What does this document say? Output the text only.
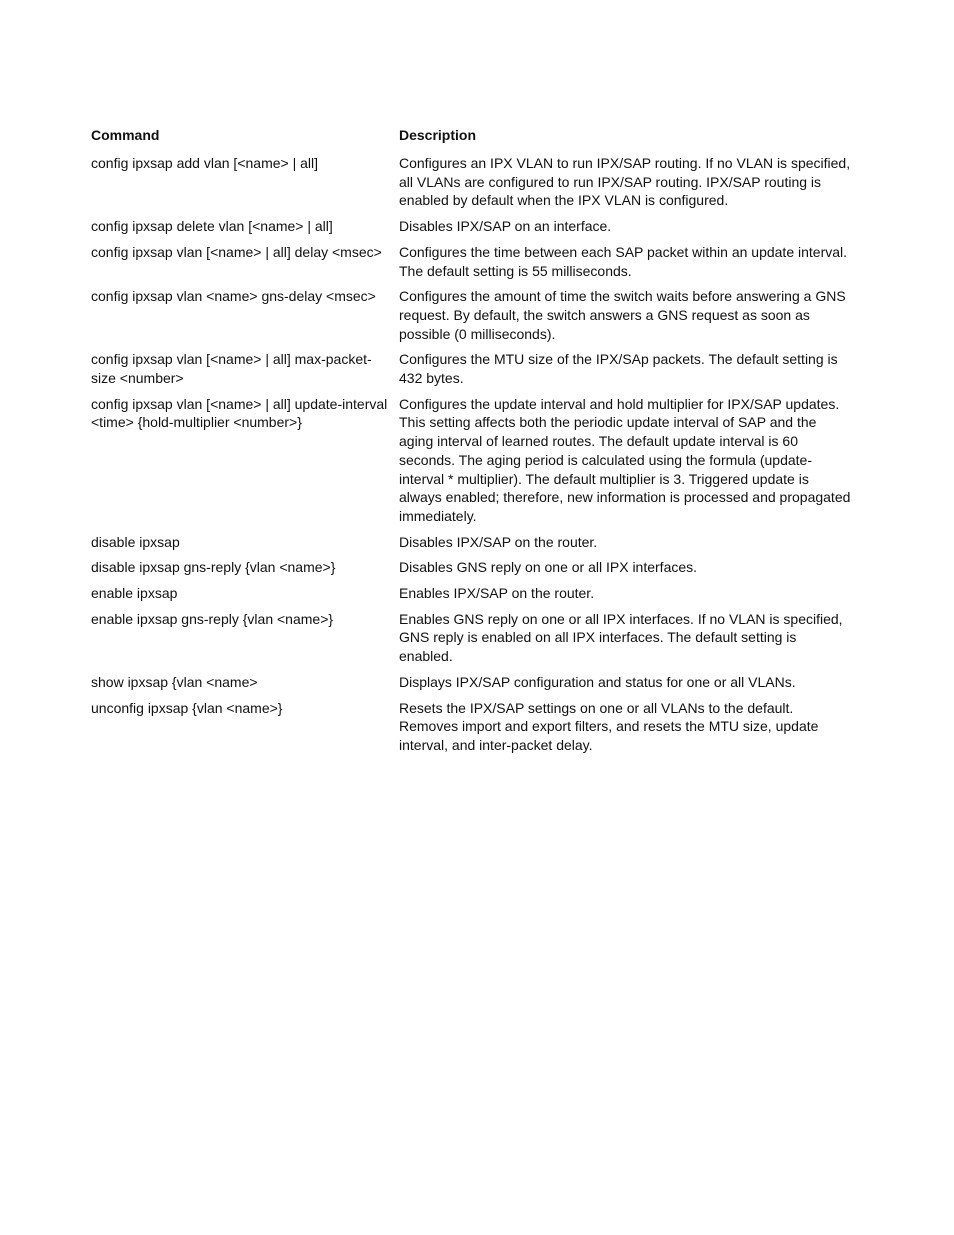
Command	Description
config ipxsap add vlan [<name> | all]	Configures an IPX VLAN to run IPX/SAP routing. If no VLAN is specified, all VLANs are configured to run IPX/SAP routing. IPX/SAP routing is enabled by default when the IPX VLAN is configured.
config ipxsap delete vlan [<name> | all]	Disables IPX/SAP on an interface.
config ipxsap vlan [<name> | all] delay <msec>	Configures the time between each SAP packet within an update interval. The default setting is 55 milliseconds.
config ipxsap vlan <name> gns-delay <msec>	Configures the amount of time the switch waits before answering a GNS request. By default, the switch answers a GNS request as soon as possible (0 milliseconds).
config ipxsap vlan [<name> | all] max-packet-size <number>	Configures the MTU size of the IPX/SAp packets. The default setting is 432 bytes.
config ipxsap vlan [<name> | all] update-interval <time> {hold-multiplier <number>}	Configures the update interval and hold multiplier for IPX/SAP updates. This setting affects both the periodic update interval of SAP and the aging interval of learned routes. The default update interval is 60 seconds. The aging period is calculated using the formula (update-interval * multiplier). The default multiplier is 3. Triggered update is always enabled; therefore, new information is processed and propagated immediately.
disable ipxsap	Disables IPX/SAP on the router.
disable ipxsap gns-reply {vlan <name>}	Disables GNS reply on one or all IPX interfaces.
enable ipxsap	Enables IPX/SAP on the router.
enable ipxsap gns-reply {vlan <name>}	Enables GNS reply on one or all IPX interfaces. If no VLAN is specified, GNS reply is enabled on all IPX interfaces. The default setting is enabled.
show ipxsap {vlan <name>	Displays IPX/SAP configuration and status for one or all VLANs.
unconfig ipxsap {vlan <name>}	Resets the IPX/SAP settings on one or all VLANs to the default. Removes import and export filters, and resets the MTU size, update interval, and inter-packet delay.
